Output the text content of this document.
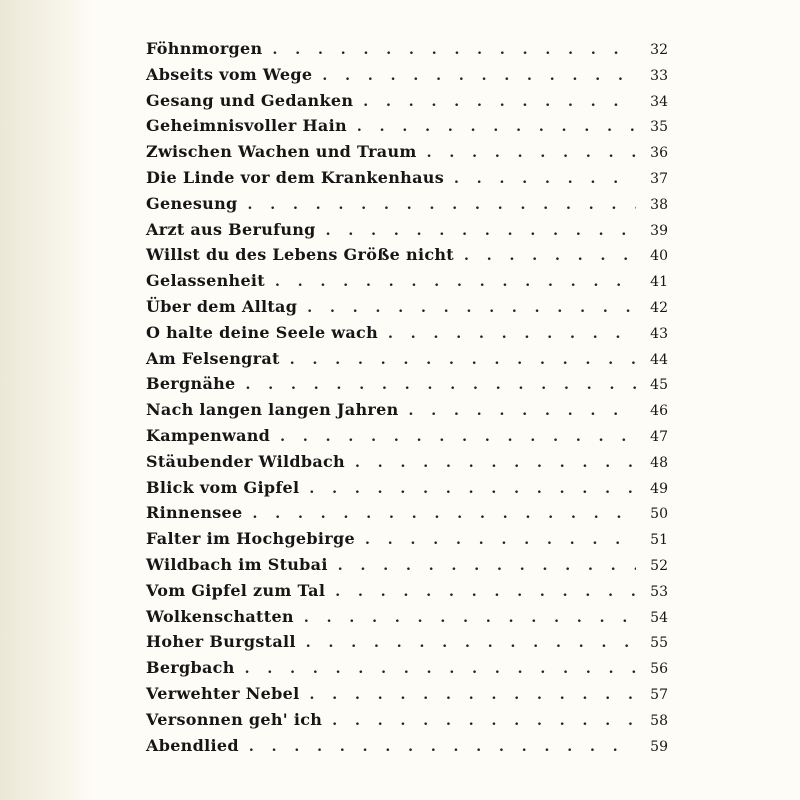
Föhnmorgen . . .	32
Abseits vom Wege . . .	33
Gesang und Gedanken . . .	34
Geheimnisvoller Hain . . .	35
Zwischen Wachen und Traum . . .	36
Die Linde vor dem Krankenhaus . . .	37
Genesung . . .	38
Arzt aus Berufung . . .	39
Willst du des Lebens Größe nicht . . .	40
Gelassenheit . . .	41
Über dem Alltag . . .	42
O halte deine Seele wach . . .	43
Am Felsengrat . . .	44
Bergnähe . . .	45
Nach langen langen Jahren . . .	46
Kampenwand . . .	47
Stäubender Wildbach . . .	48
Blick vom Gipfel . . .	49
Rinnensee . . .	50
Falter im Hochgebirge . . .	51
Wildbach im Stubai . . .	52
Vom Gipfel zum Tal . . .	53
Wolkenschatten . . .	54
Hoher Burgstall . . .	55
Bergbach . . .	56
Verwehter Nebel . . .	57
Versonnen geh' ich . . .	58
Abendlied . . .	59
